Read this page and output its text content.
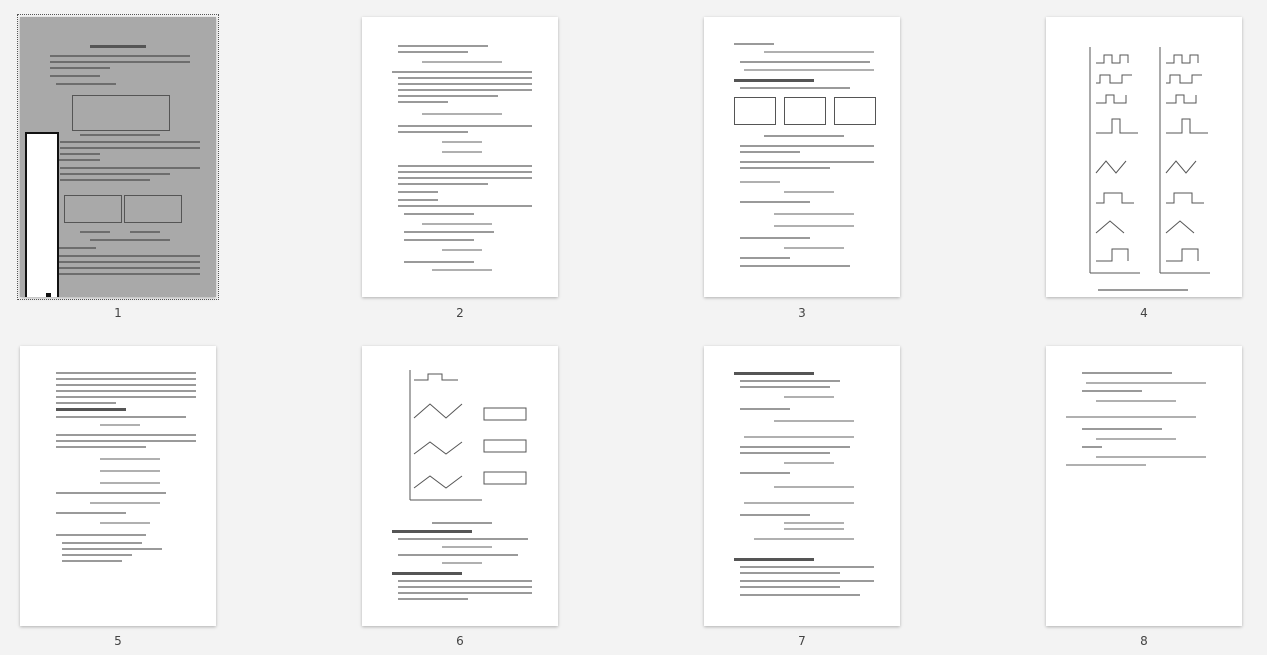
1	2	3	4
5	6	7	8
